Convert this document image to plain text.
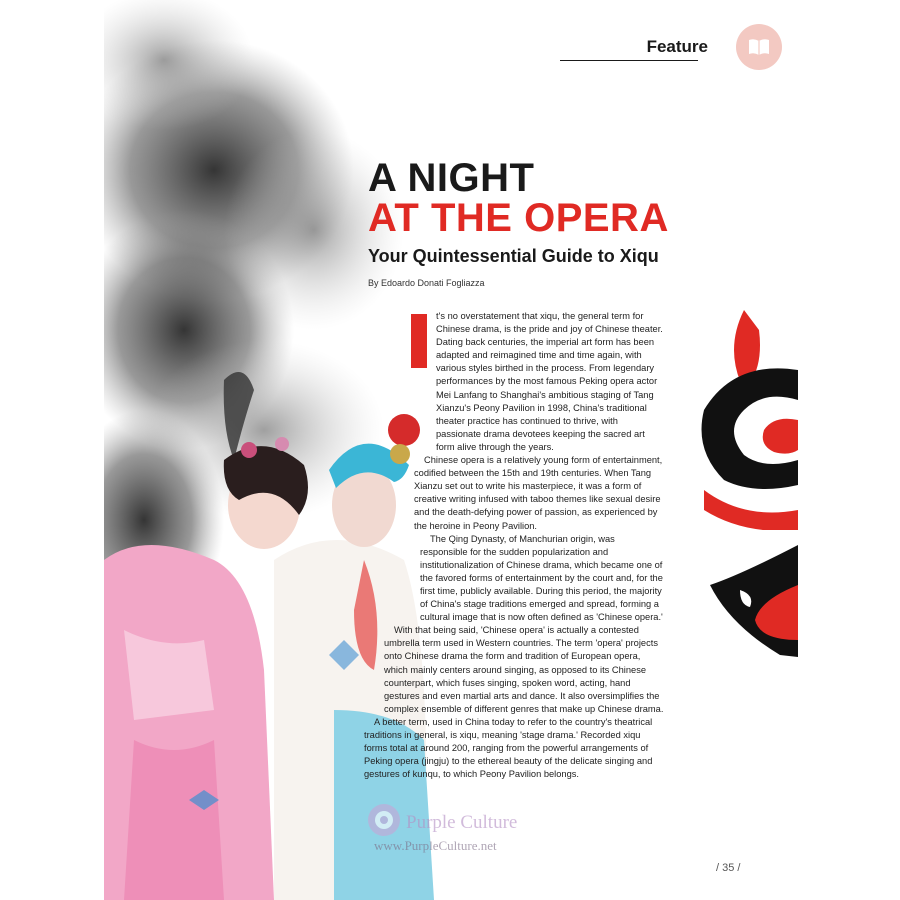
Feature
A NIGHT
AT THE OPERA
Your Quintessential Guide to Xiqu
By Edoardo Donati Fogliazza

t's no overstatement that xiqu, the general term for Chinese drama, is the pride and joy of Chinese theater. Dating back centuries, the imperial art form has been adapted and reimagined time and time again, with various styles birthed in the process. From legendary performances by the most famous Peking opera actor Mei Lanfang to Shanghai's ambitious staging of Tang Xianzu's Peony Pavilion in 1998, China's traditional theater practice has continued to thrive, with passionate drama devotees keeping the sacred art form alive through the years.

Chinese opera is a relatively young form of entertainment, codified between the 15th and 19th centuries. When Tang Xianzu set out to write his masterpiece, it was a form of creative writing infused with taboo themes like sexual desire and the death-defying power of passion, as experienced by the heroine in Peony Pavilion.

The Qing Dynasty, of Manchurian origin, was responsible for the sudden popularization and institutionalization of Chinese drama, which became one of the favored forms of entertainment by the court and, for the first time, publicly available. During this period, the majority of China's stage traditions emerged and spread, forming a cultural image that is now often defined as 'Chinese opera.'

With that being said, 'Chinese opera' is actually a contested umbrella term used in Western countries. The term 'opera' projects onto Chinese drama the form and tradition of European opera, which mainly centers around singing, as opposed to its Chinese counterpart, which fuses singing, spoken word, acting, hand gestures and even martial arts and dance. It also oversimplifies the complex ensemble of different genres that make up Chinese drama.

A better term, used in China today to refer to the country's theatrical traditions in general, is xiqu, meaning 'stage drama.' Recorded xiqu forms total at around 200, ranging from the powerful arrangements of Peking opera (jingju) to the ethereal beauty of the delicate singing and gestures of kunqu, to which Peony Pavilion belongs.

Purple Culture
www.PurpleCulture.net
/ 35 /
